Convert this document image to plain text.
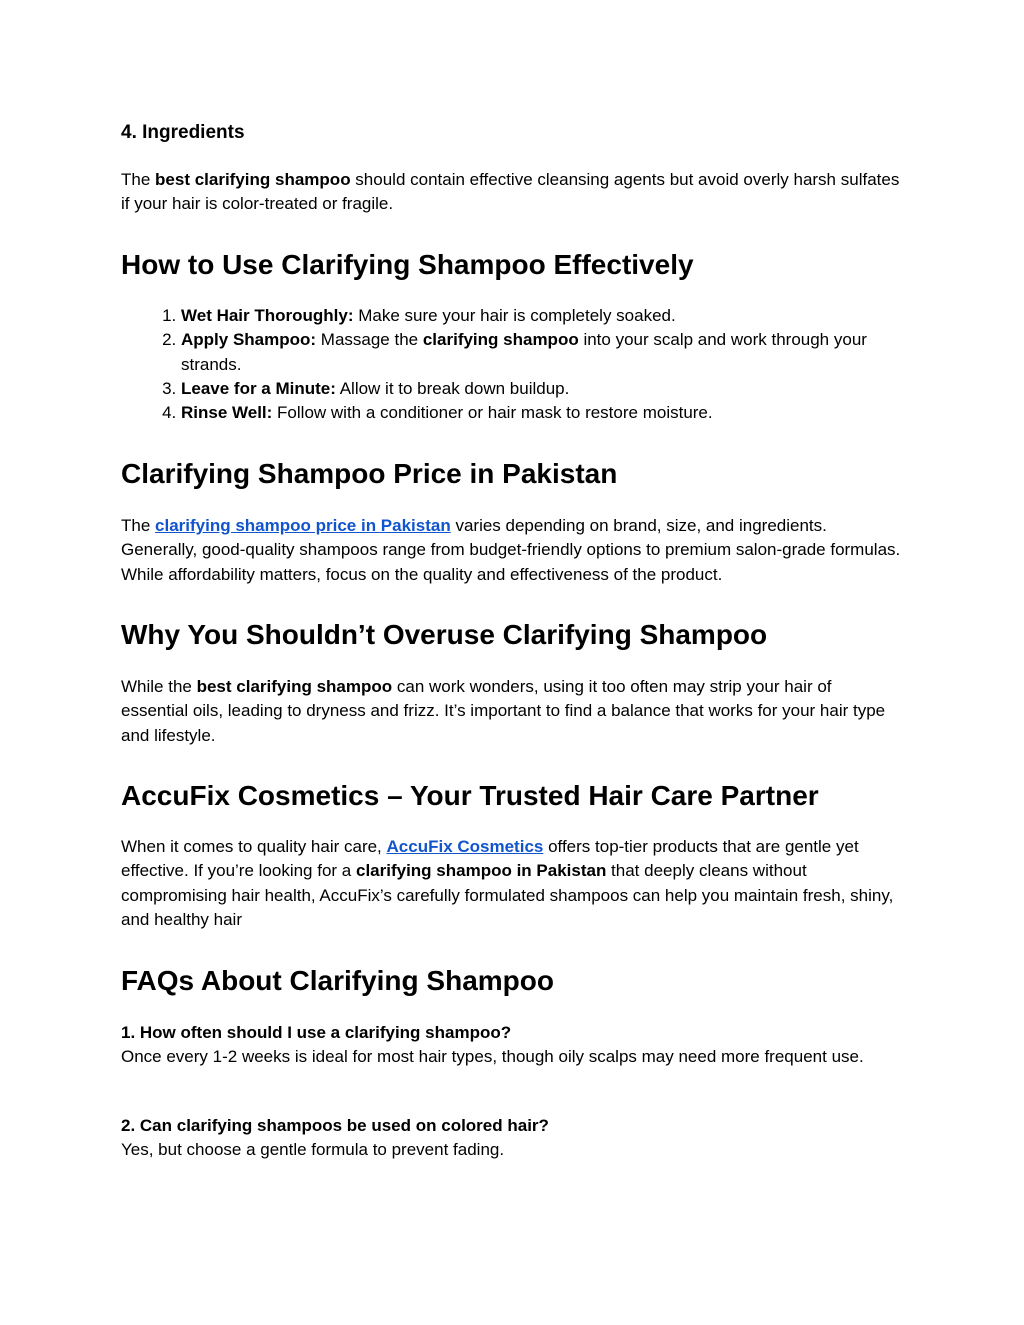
4. Ingredients
The best clarifying shampoo should contain effective cleansing agents but avoid overly harsh sulfates if your hair is color-treated or fragile.
How to Use Clarifying Shampoo Effectively
1. Wet Hair Thoroughly: Make sure your hair is completely soaked.
2. Apply Shampoo: Massage the clarifying shampoo into your scalp and work through your strands.
3. Leave for a Minute: Allow it to break down buildup.
4. Rinse Well: Follow with a conditioner or hair mask to restore moisture.
Clarifying Shampoo Price in Pakistan
The clarifying shampoo price in Pakistan varies depending on brand, size, and ingredients. Generally, good-quality shampoos range from budget-friendly options to premium salon-grade formulas. While affordability matters, focus on the quality and effectiveness of the product.
Why You Shouldn’t Overuse Clarifying Shampoo
While the best clarifying shampoo can work wonders, using it too often may strip your hair of essential oils, leading to dryness and frizz. It’s important to find a balance that works for your hair type and lifestyle.
AccuFix Cosmetics – Your Trusted Hair Care Partner
When it comes to quality hair care, AccuFix Cosmetics offers top-tier products that are gentle yet effective. If you’re looking for a clarifying shampoo in Pakistan that deeply cleans without compromising hair health, AccuFix’s carefully formulated shampoos can help you maintain fresh, shiny, and healthy hair
FAQs About Clarifying Shampoo
1. How often should I use a clarifying shampoo?
Once every 1-2 weeks is ideal for most hair types, though oily scalps may need more frequent use.
2. Can clarifying shampoos be used on colored hair?
Yes, but choose a gentle formula to prevent fading.
